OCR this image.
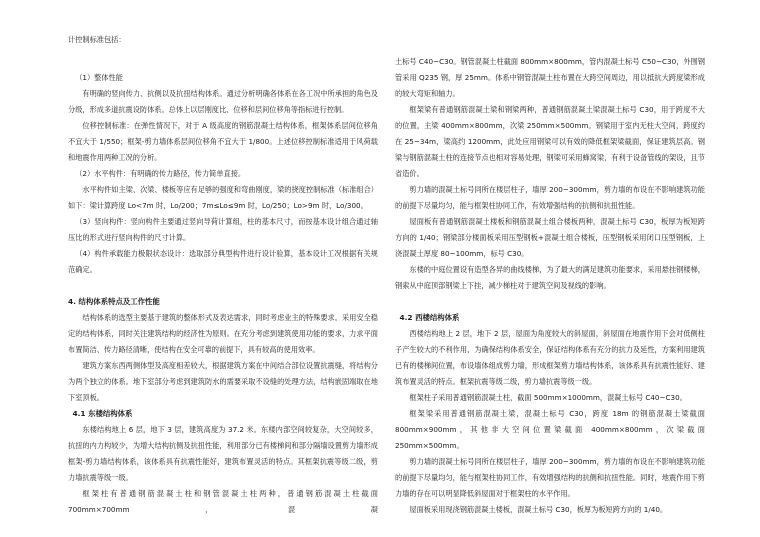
计控制标准包括：

（1）整体性能

有明确的竖向传力、抗侧以及抗扭结构体系。通过分析明确各体系在各工况中所承担的角色及分级，形成多道抗震设防体系。总体上以层刚度比、位移和层间位移角等指标进行控制。

位移控制标准：在弹性情况下，对于 A 级高度的钢筋混凝土结构体系，框架体系层间位移角不宜大于 1/550；框架-剪力墙体系层间位移角不宜大于 1/800。上述位移控制标准适用于风荷载和地震作用两种工况的分析。

（2）水平构件：有明确的传力路径，传力简单直接。

水平构件如主梁、次梁、楼板等应有足够的强度和弯曲刚度，梁的挠度控制标准（标准组合）如下：梁计算跨度 Lo<7m 时，Lo/200；7m≤Lo≤9m 时，Lo/250；Lo>9m 时，Lo/300。

（3）竖向构件：竖向构件主要通过竖向导荷计算组，柱的基本尺寸，而按基本设计组合通过轴压比的形式进行竖向构件的尺寸计算。

（4）构件承载能力极限状态设计：选取部分典型构件进行设计验算，基本设计工况根据有关规范确定。

4. 结构体系特点及工作性能

结构体系的选型主要基于建筑的整体形式及表达需求，同时考虑业主的特殊要求。采用安全稳定的结构体系，同时关注建筑结构的经济性为原则。在充分考虑到建筑使用功能的要求，力求平面布置简洁、传力路径清晰，使结构在安全可靠的前提下，具有较高的使用效率。

建筑方案东西两侧体型及高度相差较大，根据建筑方案在中间结合部位设置抗震缝，将结构分为两个独立的体系。地下室部分考虑到建筑防水的需要采取不设缝的处理方法，结构嵌固端取在地下室顶板。

4.1 东楼结构体系

东楼结构地上 6 层，地下 3 层，建筑高度为 37.2 米。东楼内部空间较复杂，大空间较多，抗扭的内力构较少，为增大结构抗侧及抗扭性能，利用部分已有楼梯间和部分隔墙设置剪力墙形成框架-剪力墙结构体系，该体系具有抗震性能好，建筑布置灵活的特点。其框架抗震等级二级，剪力墙抗震等级一级。

框架柱有普通钢筋混凝土柱和钢管混凝土柱两种，普通钢筋混凝土柱截面 700mm×700mm，混凝

土标号 C40~C30。钢管混凝土柱截面 800mm×800mm，管内混凝土标号 C50~C30，外围钢管采用 Q235 钢，厚 25mm。体系中钢管混凝土柱布置在大跨空间周边，用以抵抗大跨度梁形成的较大弯矩和轴力。

框架梁有普通钢筋混凝土梁和钢梁两种，普通钢筋混凝土梁混凝土标号 C30，用于跨度不大的位置，主梁 400mm×800mm，次梁 250mm×500mm。钢梁用于室内无柱大空间，跨度约在 25~34m，梁高约 1200mm，此处应用钢梁可以有效的降低框架梁截面，保证建筑层高。钢梁与钢筋混凝土柱的连接节点也相对容易处理，钢梁可采用蜂窝梁，有利于设备管线的架设，且节省造价。

剪力墙的混凝土标号同所在楼层柱子，墙厚 200~300mm，剪力墙的布设在不影响建筑功能的前提下尽量均匀，能与框架柱协同工作，有效增强结构的抗侧和抗扭性能。

屋面板有普通钢筋混凝土楼板和钢筋混凝土组合楼板两种，混凝土标号 C30，板厚为板短跨方向的 1/40；钢梁部分楼面板采用压型钢板+混凝土组合楼板，压型钢板采用闭口压型钢板，上浇混凝土厚度 80~100mm，标号 C30。

东楼的中庭位置设有造型各异的曲线楼梯，为了最大的满足建筑功能要求，采用悬挂钢楼梯，钢索从中庭顶部钢梁上下挂，减少梯柱对于建筑空间及视线的影响。

4.2 西楼结构体系

西楼结构地上 2 层，地下 2 层，屋面为角度较大的斜屋面，斜屋面在地震作用下会对低侧柱子产生较大的不利作用，为确保结构体系安全，保证结构体系有充分的抗力及延性，方案利用建筑已有的楼梯间位置，布设墙体组成剪力墙，形成框架剪力墙结构体系，该体系具有抗震性能好、建筑布置灵活的特点。框架抗震等级二级，剪力墙抗震等级一级。

框架柱子采用普通钢筋混凝土柱，截面 500mm×1000mm，混凝土标号 C40~C30。

框架梁采用普通钢筋混凝土梁，混凝土标号 C30，跨度 18m 的钢筋混凝土梁截面 800mm×900mm，其他非大空间位置梁截面 400mm×800mm，次梁截面 250mm×500mm。

剪力墙的混凝土标号同所在楼层柱子，墙厚 200~300mm，剪力墙的布设在不影响建筑功能的前提下尽量均匀，能与框架柱协同工作，有效增强结构的抗侧和抗扭性能。同时，地震作用下剪力墙的存在可以明显降低斜屋面对于框架柱的水平作用。

屋面板采用现浇钢筋混凝土楼板，混凝土标号 C30，板厚为板短跨方向的 1/40。
